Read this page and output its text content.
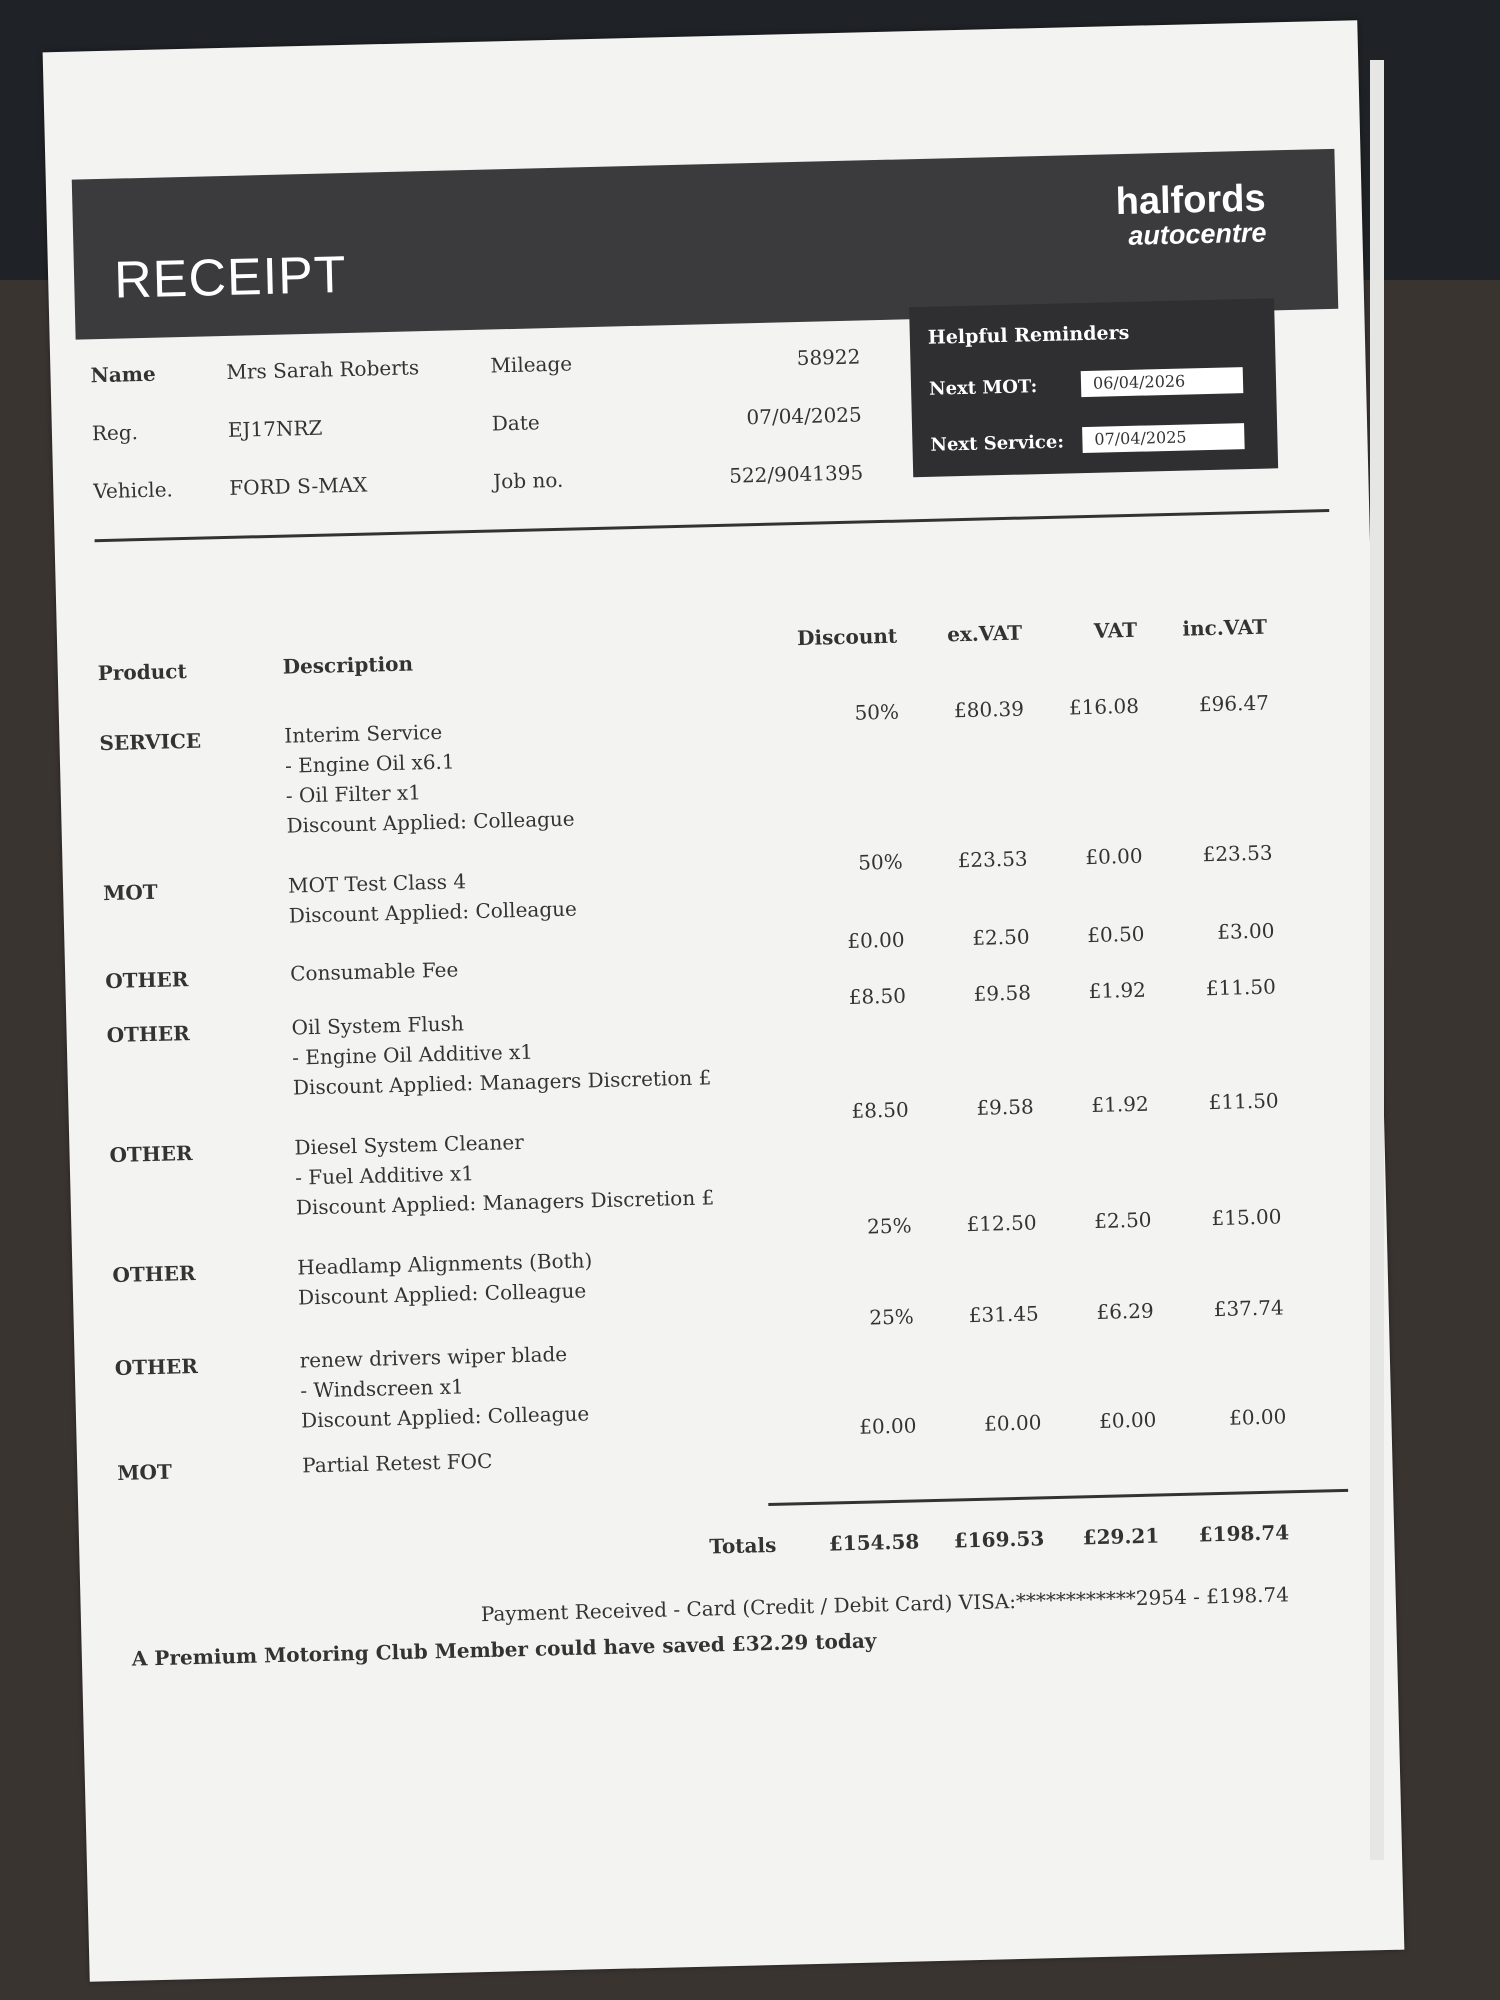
RECEIPT
halfords
autocentre
Name	Mrs Sarah Roberts
Reg.	EJ17NRZ
Vehicle.	FORD S-MAX
Mileage	58922
Date	07/04/2025
Job no.	522/9041395
Helpful Reminders
Next MOT:	06/04/2026
Next Service:	07/04/2025
Product	Description
Discount	ex.VAT	VAT	inc.VAT
SERVICE	Interim Service
- Engine Oil x6.1
- Oil Filter x1
Discount Applied: Colleague
50%	£80.39	£16.08	£96.47
MOT	MOT Test Class 4
Discount Applied: Colleague
50%	£23.53	£0.00	£23.53
OTHER	Consumable Fee
£0.00	£2.50	£0.50	£3.00
OTHER	Oil System Flush
- Engine Oil Additive x1
Discount Applied: Managers Discretion £
£8.50	£9.58	£1.92	£11.50
OTHER	Diesel System Cleaner
- Fuel Additive x1
Discount Applied: Managers Discretion £
£8.50	£9.58	£1.92	£11.50
OTHER	Headlamp Alignments (Both)
Discount Applied: Colleague
25%	£12.50	£2.50	£15.00
OTHER	renew drivers wiper blade
- Windscreen x1
Discount Applied: Colleague
25%	£31.45	£6.29	£37.74
MOT	Partial Retest FOC
£0.00	£0.00	£0.00	£0.00
Totals	£154.58	£169.53	£29.21	£198.74
Payment Received - Card (Credit / Debit Card) VISA:************2954 - £198.74
A Premium Motoring Club Member could have saved £32.29 today
